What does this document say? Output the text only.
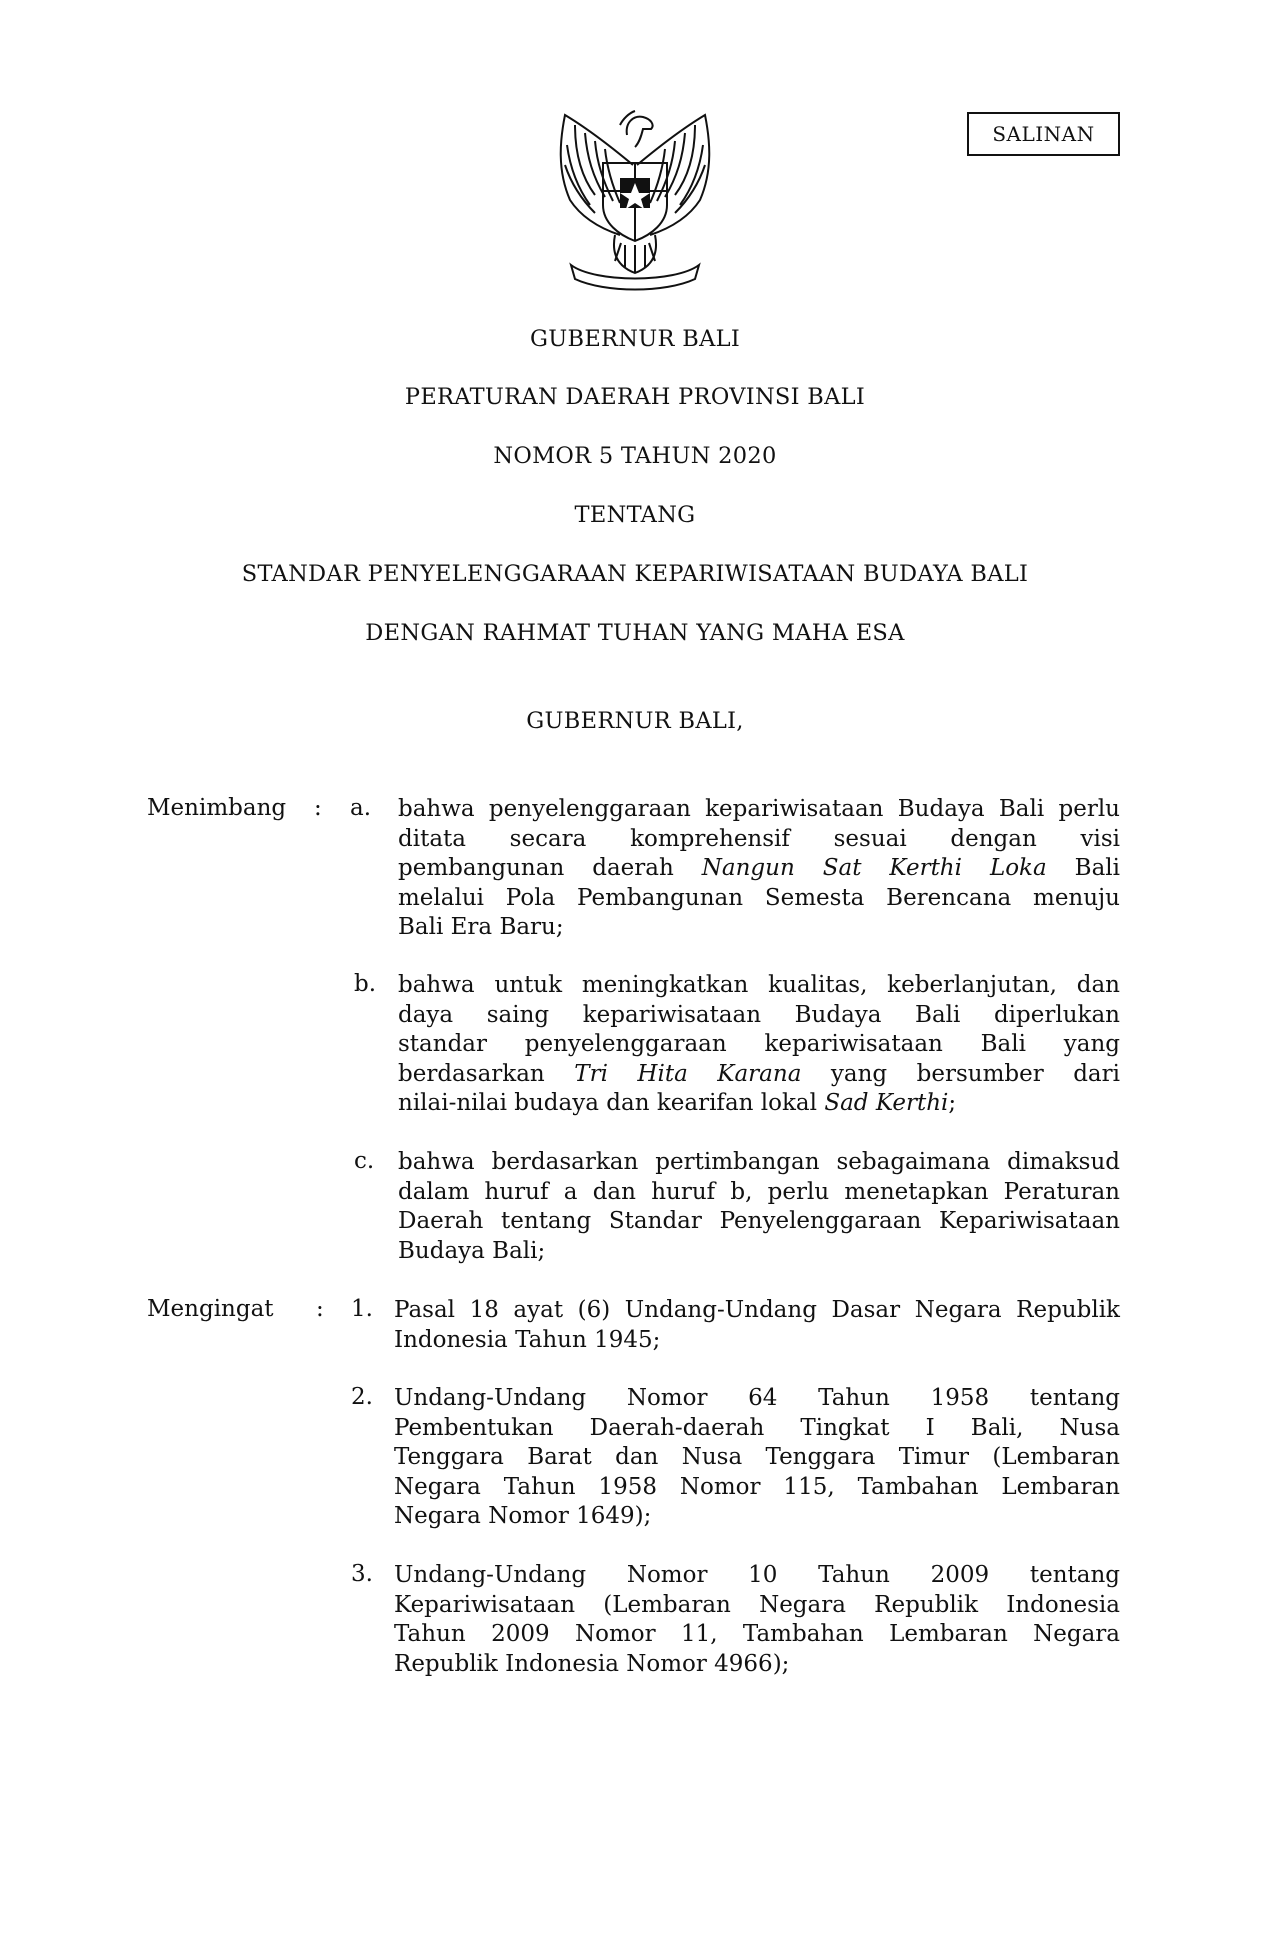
SALINAN
GUBERNUR BALI
PERATURAN DAERAH PROVINSI BALI
NOMOR 5 TAHUN 2020
TENTANG
STANDAR PENYELENGGARAAN KEPARIWISATAAN BUDAYA BALI
DENGAN RAHMAT TUHAN YANG MAHA ESA
GUBERNUR BALI,
Menimbang : a. bahwa penyelenggaraan kepariwisataan Budaya Bali perlu
ditata secara komprehensif sesuai dengan visi
pembangunan daerah Nangun Sat Kerthi Loka Bali
melalui Pola Pembangunan Semesta Berencana menuju
Bali Era Baru;
b. bahwa untuk meningkatkan kualitas, keberlanjutan, dan
daya saing kepariwisataan Budaya Bali diperlukan
standar penyelenggaraan kepariwisataan Bali yang
berdasarkan Tri Hita Karana yang bersumber dari
nilai-nilai budaya dan kearifan lokal Sad Kerthi;
c. bahwa berdasarkan pertimbangan sebagaimana dimaksud
dalam huruf a dan huruf b, perlu menetapkan Peraturan
Daerah tentang Standar Penyelenggaraan Kepariwisataan
Budaya Bali;
Mengingat : 1. Pasal 18 ayat (6) Undang-Undang Dasar Negara Republik
Indonesia Tahun 1945;
2. Undang-Undang Nomor 64 Tahun 1958 tentang
Pembentukan Daerah-daerah Tingkat I Bali, Nusa
Tenggara Barat dan Nusa Tenggara Timur (Lembaran
Negara Tahun 1958 Nomor 115, Tambahan Lembaran
Negara Nomor 1649);
3. Undang-Undang Nomor 10 Tahun 2009 tentang
Kepariwisataan (Lembaran Negara Republik Indonesia
Tahun 2009 Nomor 11, Tambahan Lembaran Negara
Republik Indonesia Nomor 4966);
